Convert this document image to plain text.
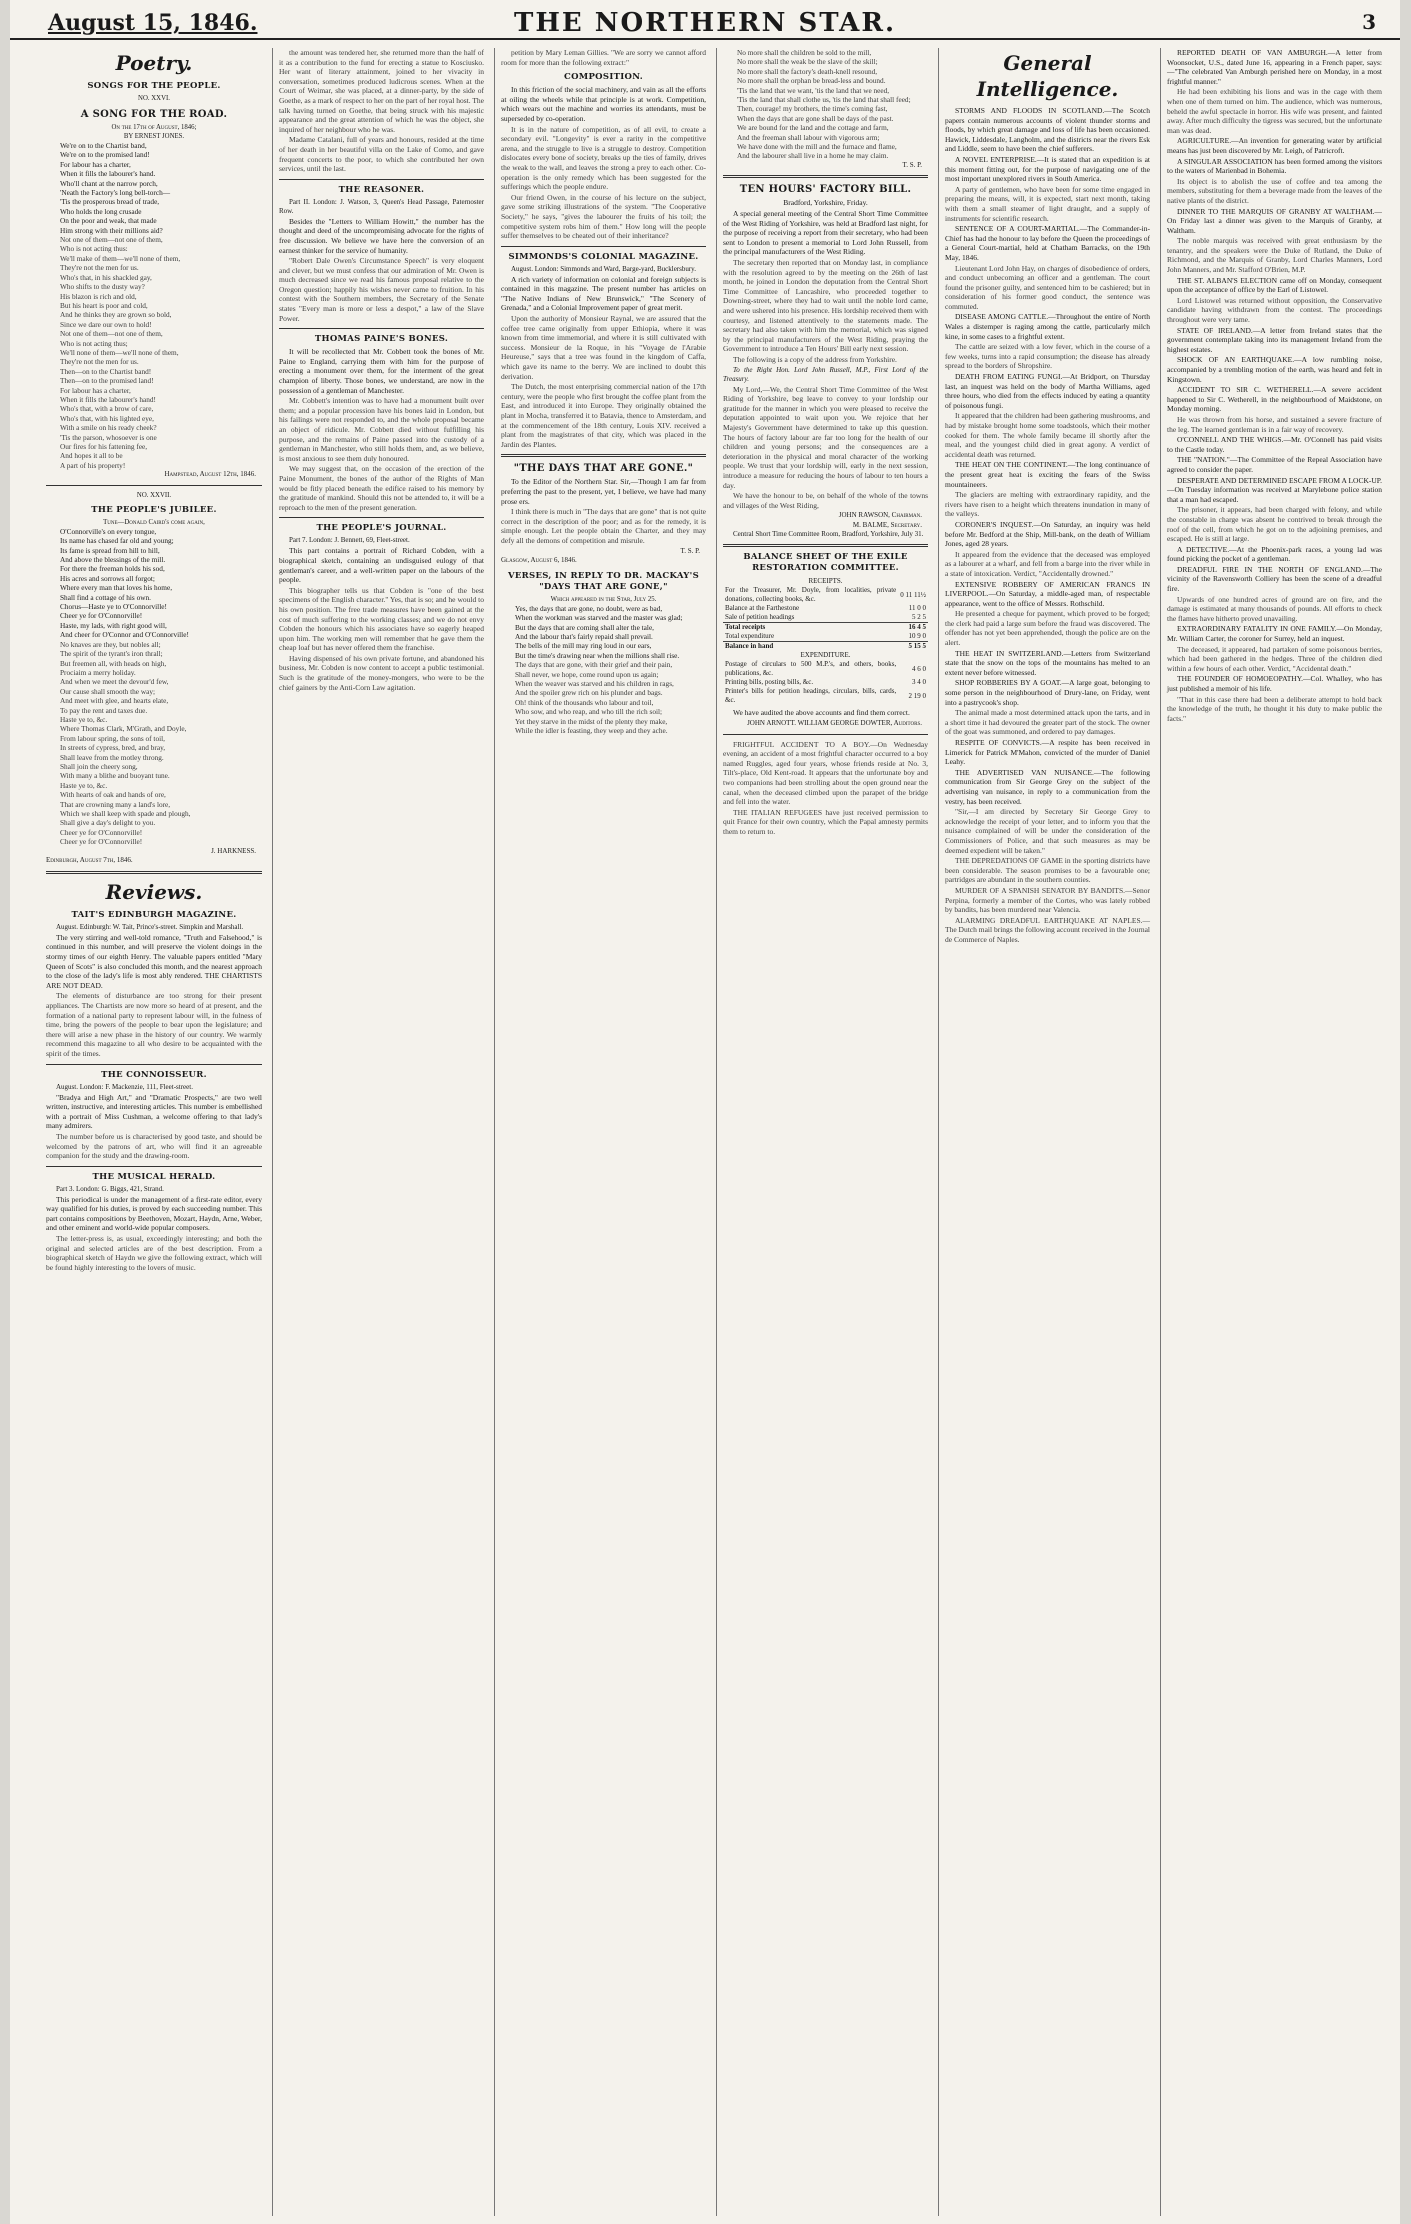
August 15, 1846.	THE NORTHERN STAR.	3
Poetry.
SONGS FOR THE PEOPLE.
NO. XXVI.
A SONG FOR THE ROAD.
On the 17th of August, 1846;
BY ERNEST JONES.
We're on to the Chartist band,
We're on to the promised land!
For labour has a charter,
When it fills the labourer's hand.
Who'll chant at the narrow porch,
'Neath the Factory's long bell-torch—
'Tis the prosperous bread of trade,
Who holds the long crusade
On the poor and weak, that made
Him strong with their millions aid?
Not one of them—not one of them,
Who is not acting thus:
We'll make of them—we'll none of them,
They're not the men for us.
Who's that, in his shackled gay,
Who shifts to the dusty way?
His blazon is rich and old,
But his heart is poor and cold,
And he thinks they are grown so bold,
Since we dare our own to hold!
Not one of them—not one of them,
Who is not acting thus;
We'll none of them—we'll none of them,
They're not the men for us.
Then—on to the Chartist band!
Then—on to the promised land!
For labour has a charter,
When it fills the labourer's hand!
Who's that, with a brow of care,
Who's that, with his lighted eye,
With a smile on his ready cheek?
'Tis the parson, whosoever is one
Our fires for his fattening fee,
And hopes it all to be
A part of his property!
Hampstead, August 12th, 1846.
NO. XXVII.
THE PEOPLE'S JUBILEE.
Tune—Donald Caird's come again,
O'Connorville's on every tongue,
Its name has chased far old and young;
Its fame is spread from hill to hill,
And above the blessings of the mill.
For there the freeman holds his sod,
His acres and sorrows all forgot;
Where every man that loves his home,
Shall find a cottage of his own.
Chorus—Haste ye to O'Connorville!
Cheer ye for O'Connorville!
Haste, my lads, with right good will,
And cheer for O'Connor and O'Connorville!
No knaves are they, but nobles all;
The spirit of the tyrant's iron thrall;
But freemen all, with heads on high,
Prociaim a merry holiday.
And when we meet the devour'd few,
Our cause shall smooth the way;
And meet with glee, and hearts elate,
To pay the rent and taxes due.
Haste ye to, &c.
Where Thomas Clark, M'Grath, and Doyle,
From labour spring, the sons of toil,
In streets of cypress, bred, and bray,
Shall leave from the motley throng.
Shall join the cheery song,
With many a blithe and buoyant tune.
Haste ye to, &c.
With hearts of oak and hands of ore,
That are crowning many a land's lore,
Which we shall keep with spade and plough,
Shall give a day's delight to you.
Cheer ye for O'Connorville!
Cheer ye for O'Connorville!
J. HARKNESS.
Edinburgh, August 7th, 1846.
Reviews.
TAIT'S EDINBURGH MAGAZINE.

August. Edinburgh: W. Tait, Prince's-street. Simpkin and Marshall.

The very stirring and well-told romance, "Truth and Falsehood," is continued in this number, and will preserve the violent doings in the stormy times of our eighth Henry. The valuable papers entitled "Mary Queen of Scots" is also concluded this month, and the nearest approach to the close of the lady's life is most ably rendered. THE CHARTISTS ARE NOT DEAD.

The elements of disturbance are too strong for their present appliances. The Chartists are now more so heard of at present, and the formation of a national party to represent labour will, in the fulness of time, bring the powers of the people to bear upon the legislature; and there will arise a new phase in the history of our country. We warmly recommend this magazine to all who desire to be acquainted with the spirit of the times.

THE CONNOISSEUR.

August. London: F. Mackenzie, 111, Fleet-street.

"Bradya and High Art," and "Dramatic Prospects," are two well written, instructive, and interesting articles. This number is embellished with a portrait of Miss Cushman, a welcome offering to that lady's many admirers.

The number before us is characterised by good taste, and should be welcomed by the patrons of art, who will find it an agreeable companion for the study and the drawing-room.

THE MUSICAL HERALD.

Part 3. London: G. Biggs, 421, Strand.

This periodical is under the management of a first-rate editor, every way qualified for his duties, is proved by each succeeding number. This part contains compositions by Beethoven, Mozart, Haydn, Arne, Weber, and other eminent and world-wide popular composers.

The letter-press is, as usual, exceedingly interesting; and both the original and selected articles are of the best description. From a biographical sketch of Haydn we give the following extract, which will be found highly interesting to the lovers of music.

the amount was tendered her, she returned more than the half of it as a contribution to the fund for erecting a statue to Kosciusko. Her want of literary attainment, joined to her vivacity in conversation, sometimes produced ludicrous scenes. When at the Court of Weimar, she was placed, at a dinner-party, by the side of Goethe, as a mark of respect to her on the part of her royal host. The talk having turned on Goethe, that being struck with his majestic appearance and the great attention of which he was the object, she inquired of her neighbour who he was.

Madame Catalani, full of years and honours, resided at the time of her death in her beautiful villa on the Lake of Como, and gave frequent concerts to the poor, to which she contributed her own services, until the last.

THE REASONER.

Part II. London: J. Watson, 3, Queen's Head Passage, Paternoster Row.

Besides the "Letters to William Howitt," the number has the thought and deed of the uncompromising advocate for the rights of free discussion. We believe we have here the conversion of an earnest thinker for the service of humanity.

"Robert Dale Owen's Circumstance Speech" is very eloquent and clever, but we must confess that our admiration of Mr. Owen is much decreased since we read his famous proposal relative to the Oregon question; happily his wishes never came to fruition. In his contest with the Southern members, the Secretary of the Senate states "Every man is more or less a despot," a law of the Slave Power.

THOMAS PAINE'S BONES.

It will be recollected that Mr. Cobbett took the bones of Mr. Paine to England, carrying them with him for the purpose of erecting a monument over them, for the interment of the great champion of liberty. Those bones, we understand, are now in the possession of a gentleman of Manchester.

Mr. Cobbett's intention was to have had a monument built over them; and a popular procession have his bones laid in London, but his failings were not responded to, and the whole proposal became an object of ridicule. Mr. Cobbett died without fulfilling his purpose, and the remains of Paine passed into the custody of a gentleman in Manchester, who still holds them, and, as we believe, is most anxious to see them duly honoured.

We may suggest that, on the occasion of the erection of the Paine Monument, the bones of the author of the Rights of Man would be fitly placed beneath the edifice raised to his memory by the gratitude of mankind. Should this not be attended to, it will be a reproach to the men of the present generation.

THE PEOPLE'S JOURNAL.

Part 7. London: J. Bennett, 69, Fleet-street.

This part contains a portrait of Richard Cobden, with a biographical sketch, containing an undisguised eulogy of that gentleman's career, and a well-written paper on the labours of the people.

This biographer tells us that Cobden is "one of the best specimens of the English character." Yes, that is so; and he would to his own position. The free trade measures have been gained at the cost of much suffering to the working classes; and we do not envy Cobden the honours which his associates have so eagerly heaped upon him. The working men will remember that he gave them the cheap loaf but has never offered them the franchise.

Having dispensed of his own private fortune, and abandoned his business, Mr. Cobden is now content to accept a public testimonial. Such is the gratitude of the money-mongers, who were to be the chief gainers by the Anti-Corn Law agitation.

petition by Mary Leman Gillies. "We are sorry we cannot afford room for more than the following extract:"

COMPOSITION.

In this friction of the social machinery, and vain as all the efforts at oiling the wheels while that principle is at work. Competition, which wears out the machine and worries its attendants, must be superseded by co-operation.

It is in the nature of competition, as of all evil, to create a secondary evil. "Longevity" is ever a rarity in the competitive arena, and the struggle to live is a struggle to destroy. Competition dislocates every bone of society, breaks up the ties of family, drives the weak to the wall, and leaves the strong a prey to each other. Co-operation is the only remedy which has been suggested for the sufferings which the people endure.

Our friend Owen, in the course of his lecture on the subject, gave some striking illustrations of the system. "The Cooperative Society," he says, "gives the labourer the fruits of his toil; the competitive system robs him of them." How long will the people suffer themselves to be cheated out of their inheritance?

SIMMONDS'S COLONIAL MAGAZINE.

August. London: Simmonds and Ward, Barge-yard, Bucklersbury.

A rich variety of information on colonial and foreign subjects is contained in this magazine. The present number has articles on "The Native Indians of New Brunswick," "The Scenery of Grenada," and a Colonial Improvement paper of great merit.

Upon the authority of Monsieur Raynal, we are assured that the coffee tree came originally from upper Ethiopia, where it was known from time immemorial, and where it is still cultivated with success. Monsieur de la Roque, in his "Voyage de l'Arabie Heureuse," says that a tree was found in the kingdom of Caffa, which gave its name to the berry. We are inclined to doubt this derivation.

The Dutch, the most enterprising commercial nation of the 17th century, were the people who first brought the coffee plant from the East, and introduced it into Europe. They originally obtained the plant in Mocha, transferred it to Batavia, thence to Amsterdam, and at the commencement of the 18th century, Louis XIV. received a plant from the magistrates of that city, which was placed in the Jardin des Plantes.

"THE DAYS THAT ARE GONE."

To the Editor of the Northern Star. Sir,—Though I am far from preferring the past to the present, yet, I believe, we have had many prose ers.

I think there is much in "The days that are gone" that is not quite correct in the description of the poor; and as for the remedy, it is simple enough. Let the people obtain the Charter, and they may defy all the demons of competition and misrule.

T. S. P.
Glasgow, August 6, 1846.
VERSES, IN REPLY TO DR. MACKAY'S "DAYS THAT ARE GONE,"
Which appeared in the Star, July 25.
Yes, the days that are gone, no doubt, were as bad,
When the workman was starved and the master was glad;
But the days that are coming shall alter the tale,
And the labour that's fairly repaid shall prevail.
The bells of the mill may ring loud in our ears,
But the time's drawing near when the millions shall rise.
The days that are gone, with their grief and their pain,
Shall never, we hope, come round upon us again;
When the weaver was starved and his children in rags,
And the spoiler grew rich on his plunder and bags.
Oh! think of the thousands who labour and toil,
Who sow, and who reap, and who till the rich soil;
Yet they starve in the midst of the plenty they make,
While the idler is feasting, they weep and they ache.
No more shall the children be sold to the mill,
No more shall the weak be the slave of the skill;
No more shall the factory's death-knell resound,
No more shall the orphan be bread-less and bound.
'Tis the land that we want, 'tis the land that we need,
'Tis the land that shall clothe us, 'tis the land that shall feed;
Then, courage! my brothers, the time's coming fast,
When the days that are gone shall be days of the past.
We are bound for the land and the cottage and farm,
And the freeman shall labour with vigorous arm;
We have done with the mill and the furnace and flame,
And the labourer shall live in a home he may claim.
T. S. P.
TEN HOURS' FACTORY BILL.

Bradford, Yorkshire, Friday.

A special general meeting of the Central Short Time Committee of the West Riding of Yorkshire, was held at Bradford last night, for the purpose of receiving a report from their secretary, who had been sent to London to present a memorial to Lord John Russell, from the principal manufacturers of the West Riding.

The secretary then reported that on Monday last, in compliance with the resolution agreed to by the meeting on the 26th of last month, he joined in London the deputation from the Central Short Time Committee of Lancashire, who proceeded together to Downing-street, where they had to wait until the noble lord came, and were ushered into his presence. His lordship received them with courtesy, and listened attentively to the statements made. The secretary had also taken with him the memorial, which was signed by the principal manufacturers of the West Riding, praying the Government to introduce a Ten Hours' Bill early next session.

The following is a copy of the address from Yorkshire.

To the Right Hon. Lord John Russell, M.P., First Lord of the Treasury.

My Lord,—We, the Central Short Time Committee of the West Riding of Yorkshire, beg leave to convey to your lordship our gratitude for the manner in which you were pleased to receive the deputation appointed to wait upon you. We rejoice that her Majesty's Government have determined to take up this question. The hours of factory labour are far too long for the health of our children and young persons; and the consequences are a deterioration in the physical and moral character of the working people. We trust that your lordship will, early in the next session, introduce a measure for reducing the hours of labour to ten hours a day.

We have the honour to be, on behalf of the whole of the towns and villages of the West Riding,

JOHN RAWSON, Chairman.
M. BALME, Secretary.

Central Short Time Committee Room, Bradford, Yorkshire, July 31.

BALANCE SHEET OF THE EXILE RESTORATION COMMITTEE.
RECEIPTS.	
For the Treasurer, Mr. Doyle, from localities, private donations, collecting books, &c.	0 11 11½
Balance at the Farthestone	11 0 0
Sale of petition headings	5 2 5
Total receipts	16 4 5
Total expenditure	10 9 0
Balance in hand	5 15 5
EXPENDITURE.	
Postage of circulars to 500 M.P.'s, and others, books, publications, &c.	4 6 0
Printing bills, posting bills, &c.	3 4 0
Printer's bills for petition headings, circulars, bills, cards, &c.	2 19 0

We have audited the above accounts and find them correct.

JOHN ARNOTT. WILLIAM GEORGE DOWTER, Auditors.

FRIGHTFUL ACCIDENT TO A BOY.—On Wednesday evening, an accident of a most frightful character occurred to a boy named Ruggles, aged four years, whose friends reside at No. 3, Tilt's-place, Old Kent-road. It appears that the unfortunate boy and two companions had been strolling about the open ground near the canal, when the deceased climbed upon the parapet of the bridge and fell into the water.

THE ITALIAN REFUGEES have just received permission to quit France for their own country, which the Papal amnesty permits them to return to.

General Intelligence.

STORMS AND FLOODS IN SCOTLAND.—The Scotch papers contain numerous accounts of violent thunder storms and floods, by which great damage and loss of life has been occasioned. Hawick, Liddesdale, Langholm, and the districts near the rivers Esk and Liddle, seem to have been the chief sufferers.

A NOVEL ENTERPRISE.—It is stated that an expedition is at this moment fitting out, for the purpose of navigating one of the most important unexplored rivers in South America.

A party of gentlemen, who have been for some time engaged in preparing the means, will, it is expected, start next month, taking with them a small steamer of light draught, and a supply of instruments for scientific research.

SENTENCE OF A COURT-MARTIAL.—The Commander-in-Chief has had the honour to lay before the Queen the proceedings of a General Court-martial, held at Chatham Barracks, on the 19th May, 1846.

Lieutenant Lord John Hay, on charges of disobedience of orders, and conduct unbecoming an officer and a gentleman. The court found the prisoner guilty, and sentenced him to be cashiered; but in consideration of his former good conduct, the sentence was commuted.

DISEASE AMONG CATTLE.—Throughout the entire of North Wales a distemper is raging among the cattle, particularly milch kine, in some cases to a frightful extent.

The cattle are seized with a low fever, which in the course of a few weeks, turns into a rapid consumption; the disease has already spread to the borders of Shropshire.

DEATH FROM EATING FUNGI.—At Bridport, on Thursday last, an inquest was held on the body of Martha Williams, aged three hours, who died from the effects induced by eating a quantity of poisonous fungi.

It appeared that the children had been gathering mushrooms, and had by mistake brought home some toadstools, which their mother cooked for them. The whole family became ill shortly after the meal, and the youngest child died in great agony. A verdict of accidental death was returned.

THE HEAT ON THE CONTINENT.—The long continuance of the present great heat is exciting the fears of the Swiss mountaineers.

The glaciers are melting with extraordinary rapidity, and the rivers have risen to a height which threatens inundation in many of the valleys.

CORONER'S INQUEST.—On Saturday, an inquiry was held before Mr. Bedford at the Ship, Mill-bank, on the death of William Jones, aged 28 years.

It appeared from the evidence that the deceased was employed as a labourer at a wharf, and fell from a barge into the river while in a state of intoxication. Verdict, "Accidentally drowned."

EXTENSIVE ROBBERY OF AMERICAN FRANCS IN LIVERPOOL.—On Saturday, a middle-aged man, of respectable appearance, went to the office of Messrs. Rothschild.

He presented a cheque for payment, which proved to be forged; the clerk had paid a large sum before the fraud was discovered. The offender has not yet been apprehended, though the police are on the alert.

THE HEAT IN SWITZERLAND.—Letters from Switzerland state that the snow on the tops of the mountains has melted to an extent never before witnessed.

SHOP ROBBERIES BY A GOAT.—A large goat, belonging to some person in the neighbourhood of Drury-lane, on Friday, went into a pastrycook's shop.

The animal made a most determined attack upon the tarts, and in a short time it had devoured the greater part of the stock. The owner of the goat was summoned, and ordered to pay damages.

RESPITE OF CONVICTS.—A respite has been received in Limerick for Patrick M'Mahon, convicted of the murder of Daniel Leahy.

THE ADVERTISED VAN NUISANCE.—The following communication from Sir George Grey on the subject of the advertising van nuisance, in reply to a communication from the vestry, has been received.

"Sir,—I am directed by Secretary Sir George Grey to acknowledge the receipt of your letter, and to inform you that the nuisance complained of will be under the consideration of the Commissioners of Police, and that such measures as may be deemed expedient will be taken."

THE DEPREDATIONS OF GAME in the sporting districts have been considerable. The season promises to be a favourable one; partridges are abundant in the southern counties.

MURDER OF A SPANISH SENATOR BY BANDITS.—Senor Perpina, formerly a member of the Cortes, who was lately robbed by bandits, has been murdered near Valencia.

ALARMING DREADFUL EARTHQUAKE AT NAPLES.—The Dutch mail brings the following account received in the Journal de Commerce of Naples.

REPORTED DEATH OF VAN AMBURGH.—A letter from Woonsocket, U.S., dated June 16, appearing in a French paper, says:—"The celebrated Van Amburgh perished here on Monday, in a most frightful manner."

He had been exhibiting his lions and was in the cage with them when one of them turned on him. The audience, which was numerous, beheld the awful spectacle in horror. His wife was present, and fainted away. After much difficulty the tigress was secured, but the unfortunate man was dead.

AGRICULTURE.—An invention for generating water by artificial means has just been discovered by Mr. Leigh, of Patricroft.

A SINGULAR ASSOCIATION has been formed among the visitors to the waters of Marienbad in Bohemia.

Its object is to abolish the use of coffee and tea among the members, substituting for them a beverage made from the leaves of the native plants of the district.

DINNER TO THE MARQUIS OF GRANBY AT WALTHAM.—On Friday last a dinner was given to the Marquis of Granby, at Waltham.

The noble marquis was received with great enthusiasm by the tenantry, and the speakers were the Duke of Rutland, the Duke of Richmond, and the Marquis of Granby, Lord Charles Manners, Lord John Manners, and Mr. Stafford O'Brien, M.P.

THE ST. ALBAN'S ELECTION came off on Monday, consequent upon the acceptance of office by the Earl of Listowel.

Lord Listowel was returned without opposition, the Conservative candidate having withdrawn from the contest. The proceedings throughout were very tame.

STATE OF IRELAND.—A letter from Ireland states that the government contemplate taking into its management Ireland from the highest estates.

SHOCK OF AN EARTHQUAKE.—A low rumbling noise, accompanied by a trembling motion of the earth, was heard and felt in Kingstown.

ACCIDENT TO SIR C. WETHERELL.—A severe accident happened to Sir C. Wetherell, in the neighbourhood of Maidstone, on Monday morning.

He was thrown from his horse, and sustained a severe fracture of the leg. The learned gentleman is in a fair way of recovery.

O'CONNELL AND THE WHIGS.—Mr. O'Connell has paid visits to the Castle today.

THE "NATION."—The Committee of the Repeal Association have agreed to consider the paper.

DESPERATE AND DETERMINED ESCAPE FROM A LOCK-UP.—On Tuesday information was received at Marylebone police station that a man had escaped.

The prisoner, it appears, had been charged with felony, and while the constable in charge was absent he contrived to break through the roof of the cell, from which he got on to the adjoining premises, and escaped. He is still at large.

A DETECTIVE.—At the Phoenix-park races, a young lad was found picking the pocket of a gentleman.

DREADFUL FIRE IN THE NORTH OF ENGLAND.—The vicinity of the Ravensworth Colliery has been the scene of a dreadful fire.

Upwards of one hundred acres of ground are on fire, and the damage is estimated at many thousands of pounds. All efforts to check the flames have hitherto proved unavailing.

EXTRAORDINARY FATALITY IN ONE FAMILY.—On Monday, Mr. William Carter, the coroner for Surrey, held an inquest.

The deceased, it appeared, had partaken of some poisonous berries, which had been gathered in the hedges. Three of the children died within a few hours of each other. Verdict, "Accidental death."

THE FOUNDER OF HOMOEOPATHY.—Col. Whalley, who has just published a memoir of his life.

"That in this case there had been a deliberate attempt to hold back the knowledge of the truth, he thought it his duty to make public the facts."
